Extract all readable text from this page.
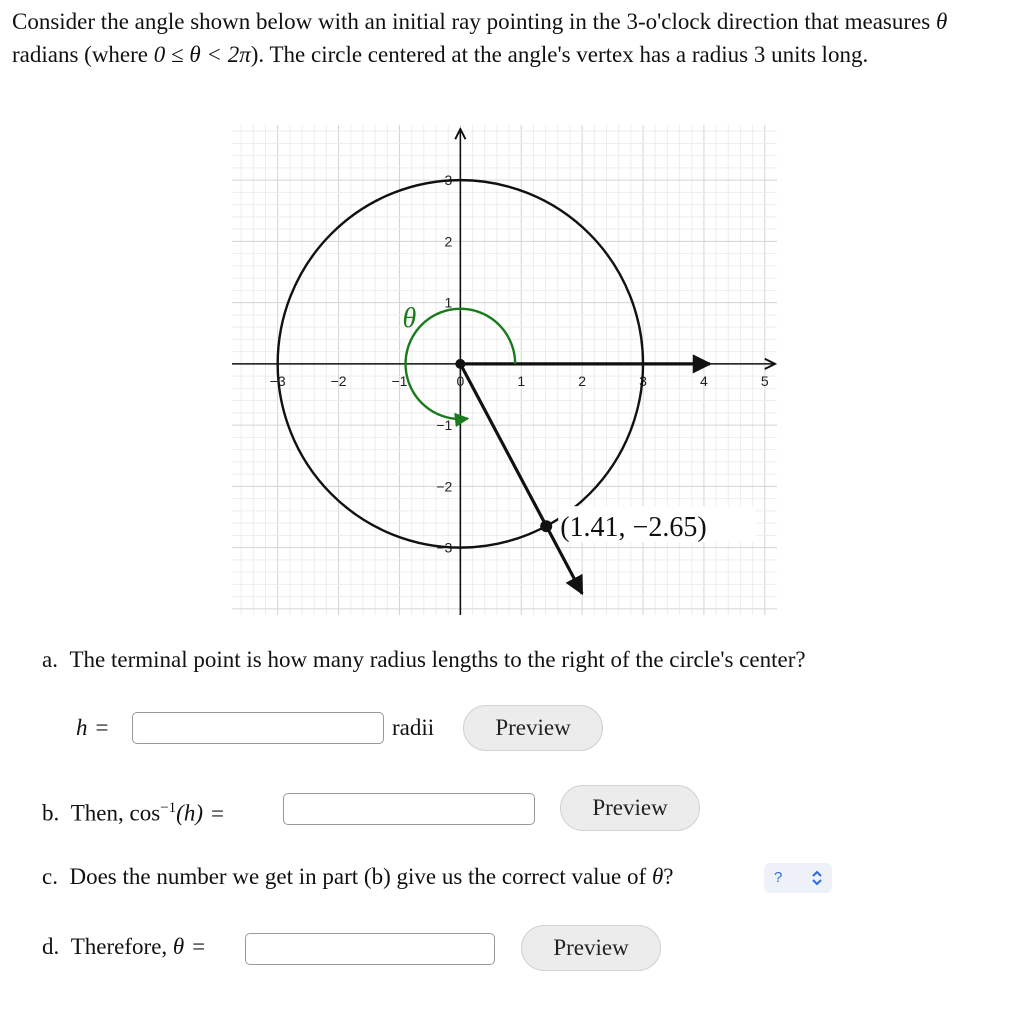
Consider the angle shown below with an initial ray pointing in the 3-o'clock direction that measures θ radians (where 0 ≤ θ < 2π). The circle centered at the angle's vertex has a radius 3 units long.

−3	−2	−1	0	1	2	3	4	5
3
2
1
−1
−2
−3
θ
(1.41, −2.65)
a. The terminal point is how many radius lengths to the right of the circle's center?
h =	radii	Preview
b. Then, $\cos^{-1}(h)$ =	Preview
c. Does the number we get in part (b) give us the correct value of θ?	?
d. Therefore, θ =	Preview
